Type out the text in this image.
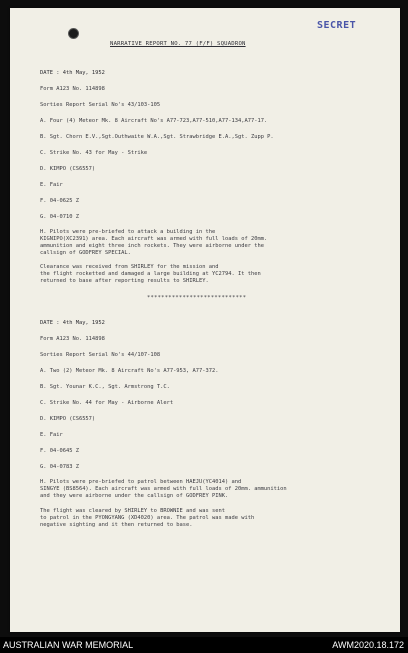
SECRET
NARRATIVE REPORT NO. 77 (F/F) SQUADRON
DATE : 4th May, 1952
Form A123 No. 114898
Sorties Report Serial No's 43/103-105
A. Four (4) Meteor Mk. 8 Aircraft No's A77-723,A77-510,A77-134,A77-17.
B. Sgt. Chorn E.V.,Sgt.Outhwaite W.A.,Sgt. Strawbridge E.A.,Sgt. Zupp P.
C. Strike No. 43 for May - Strike
D. KIMPO (CS6557)
E. Fair
F. 04-0625 Z
G. 04-0710 Z
H. Pilots were pre-briefed to attack a building in the
KIGNIPO(XC2391) area. Each aircraft was armed with full loads of 20mm.
ammunition and eight three inch rockets. They were airborne under the
callsign of GODFREY SPECIAL.
Clearance was received from SHIRLEY for the mission and
the flight rocketted and damaged a large building at YC2794. It then
returned to base after reporting results to SHIRLEY.
****************************
DATE : 4th May, 1952
Form A123 No. 114898
Sorties Report Serial No's 44/107-108
A. Two (2) Meteor Mk. 8 Aircraft No's A77-953, A77-372.
B. Sgt. Younar K.C., Sgt. Armstrong T.C.
C. Strike No. 44 for May - Airborne Alert
D. KIMPO (CS6557)
E. Fair
F. 04-0645 Z
G. 04-0783 Z
H. Pilots were pre-briefed to patrol between HAEJU(YC4014) and
SINGYE (BS8564). Each aircraft was armed with full loads of 20mm. ammunition
and they were airborne under the callsign of GODFREY PINK.
The flight was cleared by SHIRLEY to BROWNIE and was sent
to patrol in the PYONGYANG (XD4020) area. The patrol was made with
negative sighting and it then returned to base.
AUSTRALIAN WAR MEMORIAL	AWM2020.18.172
